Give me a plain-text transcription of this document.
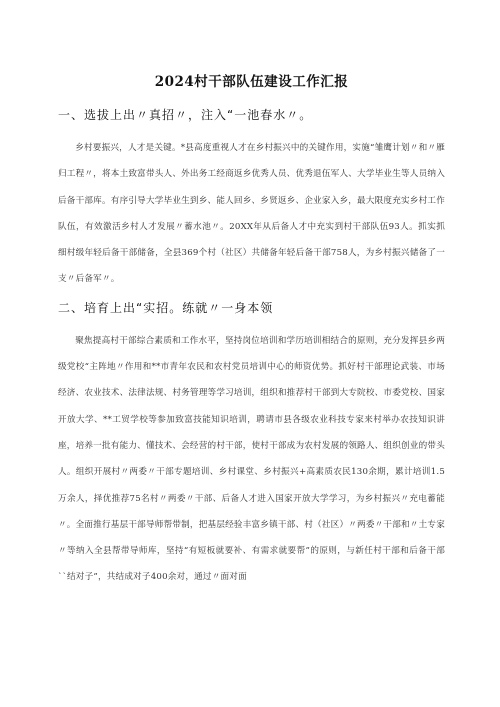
2024村干部队伍建设工作汇报
一、选拔上出〃真招〃，注入“一池春水〃。

乡村要振兴，人才是关键。*县高度重视人才在乡村振兴中的关键作用，实施“雏鹰计划〃和〃雁归工程〃，将本土致富带头人、外出务工经商返乡优秀人员、优秀退伍军人、大学毕业生等人员纳入后备干部库。有序引导大学毕业生到乡、能人回乡、乡贤返乡、企业家入乡，最大限度充实乡村工作队伍，有效激活乡村人才发展〃蓄水池〃。20XX年从后备人才中充实到村干部队伍93人。抓实抓细村级年轻后备干部储备，全县369个村（社区）共储备年轻后备干部758人，为乡村振兴储备了一支〃后备军〃。

二、培育上出“实招。练就〃一身本领

聚焦提高村干部综合素质和工作水平，坚持岗位培训和学历培训相结合的原则，充分发挥县乡两级党校“主阵地〃作用和**市青年农民和农村党员培训中心的师资优势。抓好村干部理论武装、市场经济、农业技术、法律法规、村务管理等学习培训，组织和推荐村干部到大专院校、市委党校、国家开放大学、**工贸学校等参加致富技能知识培训，聘请市县各级农业科技专家来村举办农技知识讲座，培养一批有能力、懂技术、会经营的村干部，使村干部成为农村发展的领路人、组织创业的带头人。组织开展村〃两委〃干部专题培训、乡村课堂、乡村振兴+高素质农民130余期，累计培训1.5万余人，择优推荐75名村〃两委〃干部、后备人才进入国家开放大学学习，为乡村振兴〃充电蓄能〃。全面推行基层干部导师帮带制，把基层经验丰富乡镇干部、村（社区）〃两委〃干部和〃土专家〃等纳入全县帮带导师库，坚持“有短板就要补、有需求就要帮”的原则，与新任村干部和后备干部``结对子”，共结成对子400余对，通过〃面对面
